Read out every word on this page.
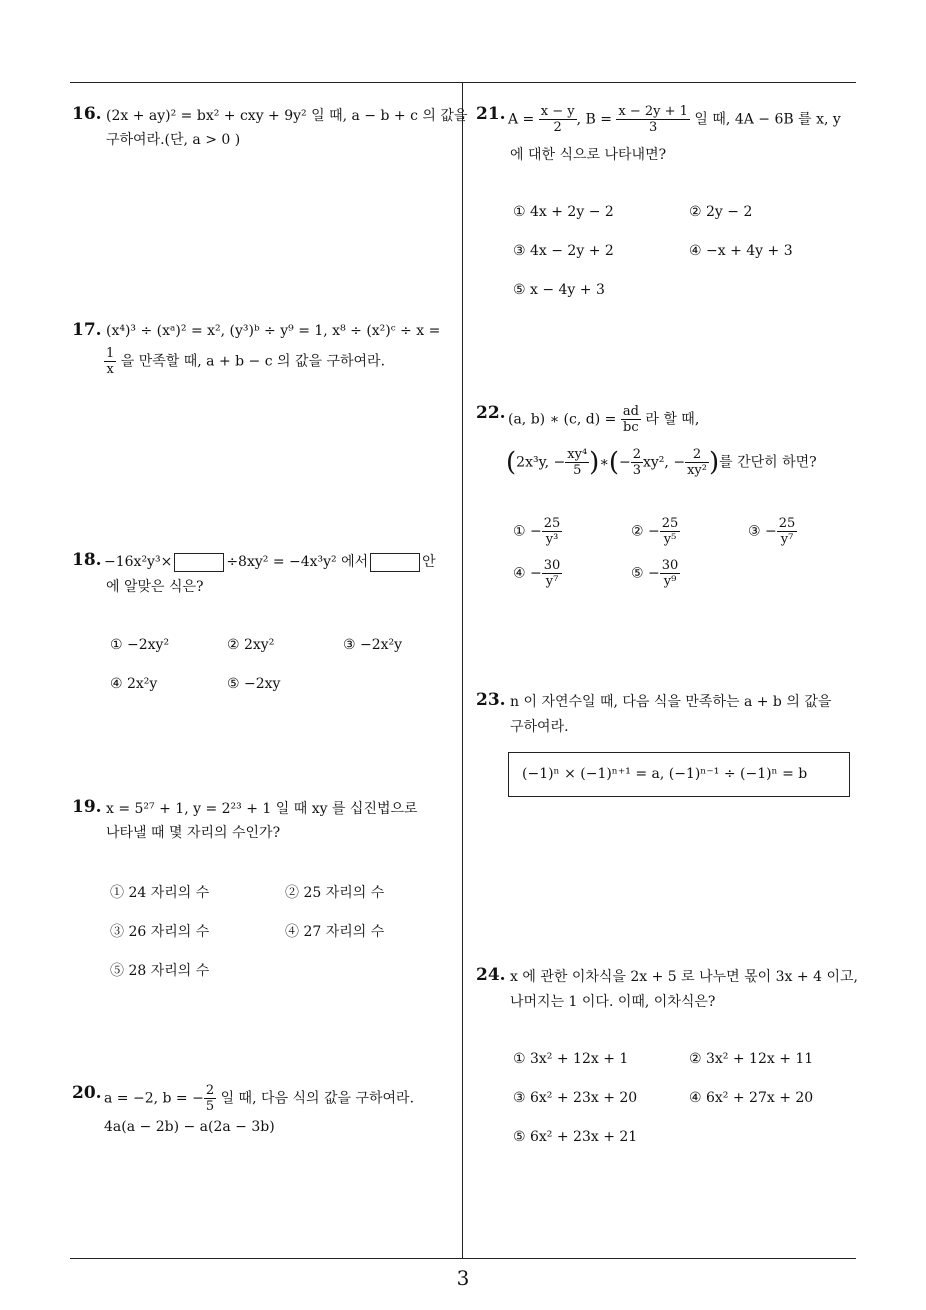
16. (2x + ay)² = bx² + cxy + 9y² 일 때, a − b + c 의 값을
구하여라.(단, a > 0 )
17. (x⁴)³ ÷ (xᵃ)² = x², (y³)ᵇ ÷ y⁹ = 1, x⁸ ÷ (x²)ᶜ ÷ x =
$\frac{1}{x}$ 을 만족할 때, a + b − c 의 값을 구하여라.
18. −16x²y³×	÷8xy² = −4x³y² 에서	안
에 알맞은 식은?
① −2xy²	② 2xy²	③ −2x²y
④ 2x²y	⑤ −2xy
19. x = 5²⁷ + 1, y = 2²³ + 1 일 때 xy 를 십진법으로
나타낼 때 몇 자리의 수인가?
① 24 자리의 수	② 25 자리의 수
③ 26 자리의 수	④ 27 자리의 수
⑤ 28 자리의 수
20. a = −2, b = − $\frac{2}{5}$ 일 때, 다음 식의 값을 구하여라.
4a(a − 2b) − a(2a − 3b)
21. $A = \frac{x - y}{2}$ , $B = \frac{x - 2y + 1}{3}$ 일 때, 4A − 6B 를 x, y
에 대한 식으로 나타내면?
① 4x + 2y − 2	② 2y − 2
③ 4x − 2y + 2	④ −x + 4y + 3
⑤ x − 4y + 3
22. (a, b) ∗ (c, $d) = \frac{ad}{bc}$ 라 할 때,
(2x³y, − $\frac{\text{xy⁴}}{5}$ )∗(− $\frac{2}{3} xy^2$, − $\frac{2}{\text{xy²}}$ )를 간단히 하면?
① − $\frac{25}{\text{y³}}$	② − $\frac{25}{\text{y⁵}}$	③ − $\frac{25}{\text{y⁷}}$
④ − $\frac{30}{\text{y⁷}}$	⑤ − $\frac{30}{\text{y⁹}}$
23. n 이 자연수일 때, 다음 식을 만족하는 a + b 의 값을
구하여라.
(−1)ⁿ × (−1)ⁿ⁺¹ = a, (−1)ⁿ⁻¹ ÷ (−1)ⁿ = b
24. x 에 관한 이차식을 2x + 5 로 나누면 몫이 3x + 4 이고,
나머지는 1 이다. 이때, 이차식은?
① 3x² + 12x + 1	② 3x² + 12x + 11
③ 6x² + 23x + 20	④ 6x² + 27x + 20
⑤ 6x² + 23x + 21
3
